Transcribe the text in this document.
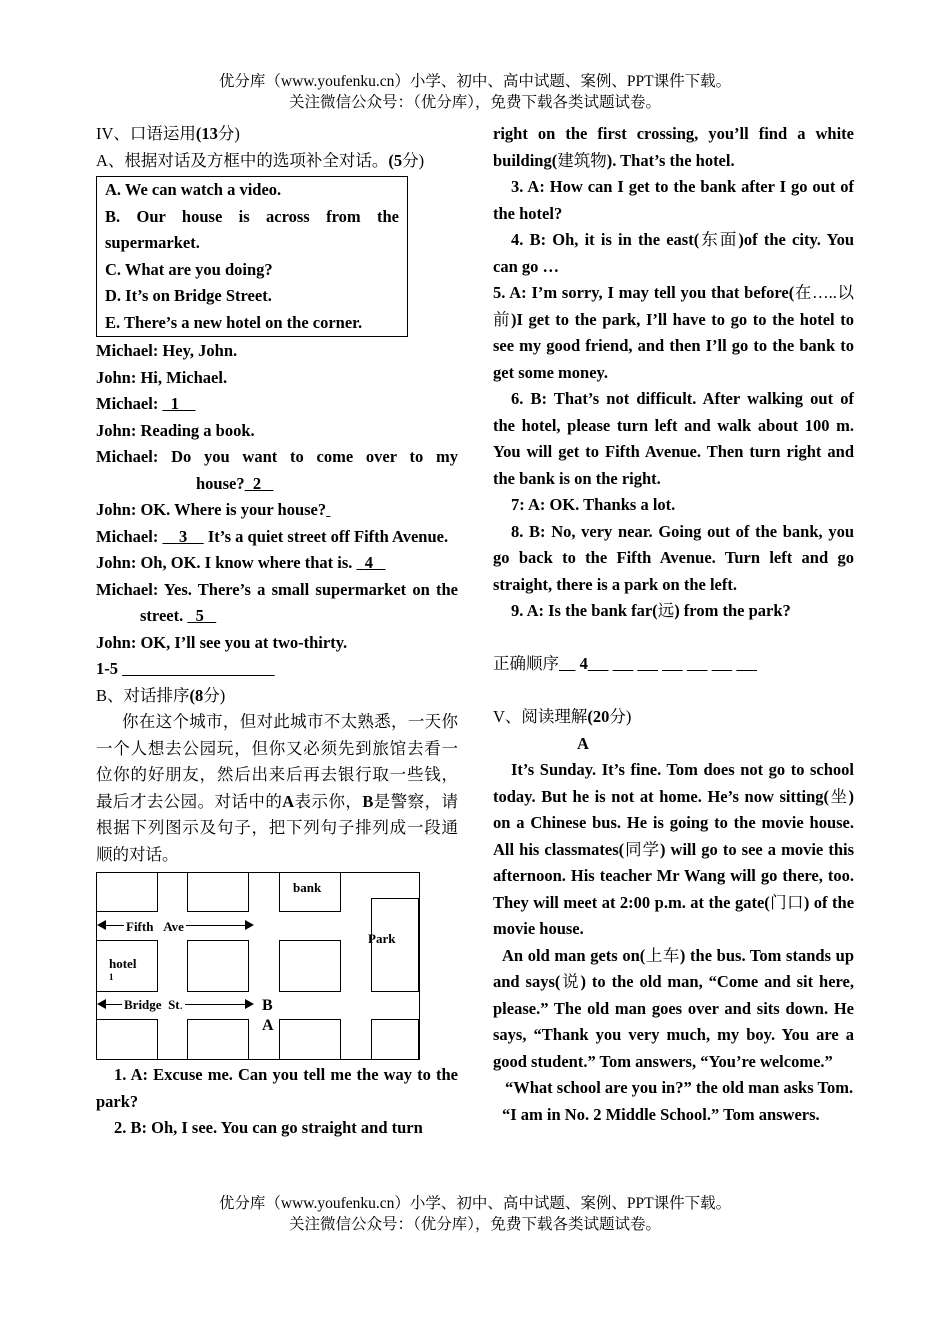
优分库（www.youfenku.cn）小学、初中、高中试题、案例、PPT课件下载。
关注微信公众号：（优分库），免费下载各类试题试卷。

IV、口语运用(13分)

A、根据对话及方框中的选项补全对话。(5分)

A. We can watch a video.

B. Our house is across from the supermarket.

C. What are you doing?

D. It’s on Bridge Street.

E. There’s a new hotel on the corner.

Michael: Hey, John.

John: Hi, Michael.

Michael:   1

John: Reading a book.

Michael: Do you want to come over to my house? 2

John: OK. Where is your house?

Michael:     3     It’s a quiet street off Fifth Avenue.

John: Oh, OK. I know where that is.   4

Michael: Yes. There’s a small supermarket on the street.   5

John: OK, I’ll see you at two-thirty.

1-5

B、对话排序(8分)

你在这个城市，但对此城市不太熟悉，一天你一个人想去公园玩，但你又必须先到旅馆去看一位你的好朋友，然后出来后再去银行取一些钱，最后才去公园。对话中的A表示你，B是警察，请根据下列图示及句子，把下列句子排列成一段通顺的对话。

bank
Park
Fifth Ave
hotel
1
Bridge St.	B
A

1. A: Excuse me. Can you tell me the way to the park?

2. B: Oh, I see. You can go straight and turn

right on the first crossing, you’ll find a white building(建筑物). That’s the hotel.

3. A: How can I get to the bank after I go out of the hotel?

4. B: Oh, it is in the east(东面)of the city. You can go …

5. A: I’m sorry, I may tell you that before(在…..以前)I get to the park, I’ll have to go to the hotel to see my good friend, and then I’ll go to the bank to get some money.

6. B: That’s not difficult. After walking out of the hotel, please turn left and walk about 100 m. You will get to Fifth Avenue. Then turn right and the bank is on the right.

7: A: OK. Thanks a lot.

8. B: No, very near. Going out of the bank, you go back to the Fifth Avenue. Turn left and go straight, there is a park on the left.

9. A: Is the bank far(远) from the park?

正确顺序 4

V、阅读理解(20分)

A

It’s Sunday. It’s fine. Tom does not go to school today. But he is not at home. He’s now sitting(坐) on a Chinese bus. He is going to the movie house. All his classmates(同学) will go to see a movie this afternoon. His teacher Mr Wang will go there, too. They will meet at 2:00 p.m. at the gate(门口) of the movie house.

An old man gets on(上车) the bus. Tom stands up and says(说) to the old man, “Come and sit here, please.” The old man goes over and sits down. He says, “Thank you very much, my boy. You are a good student.” Tom answers, “You’re welcome.”

“What school are you in?” the old man asks Tom.

“I am in No. 2 Middle School.” Tom answers.

优分库（www.youfenku.cn）小学、初中、高中试题、案例、PPT课件下载。
关注微信公众号：（优分库），免费下载各类试题试卷。
